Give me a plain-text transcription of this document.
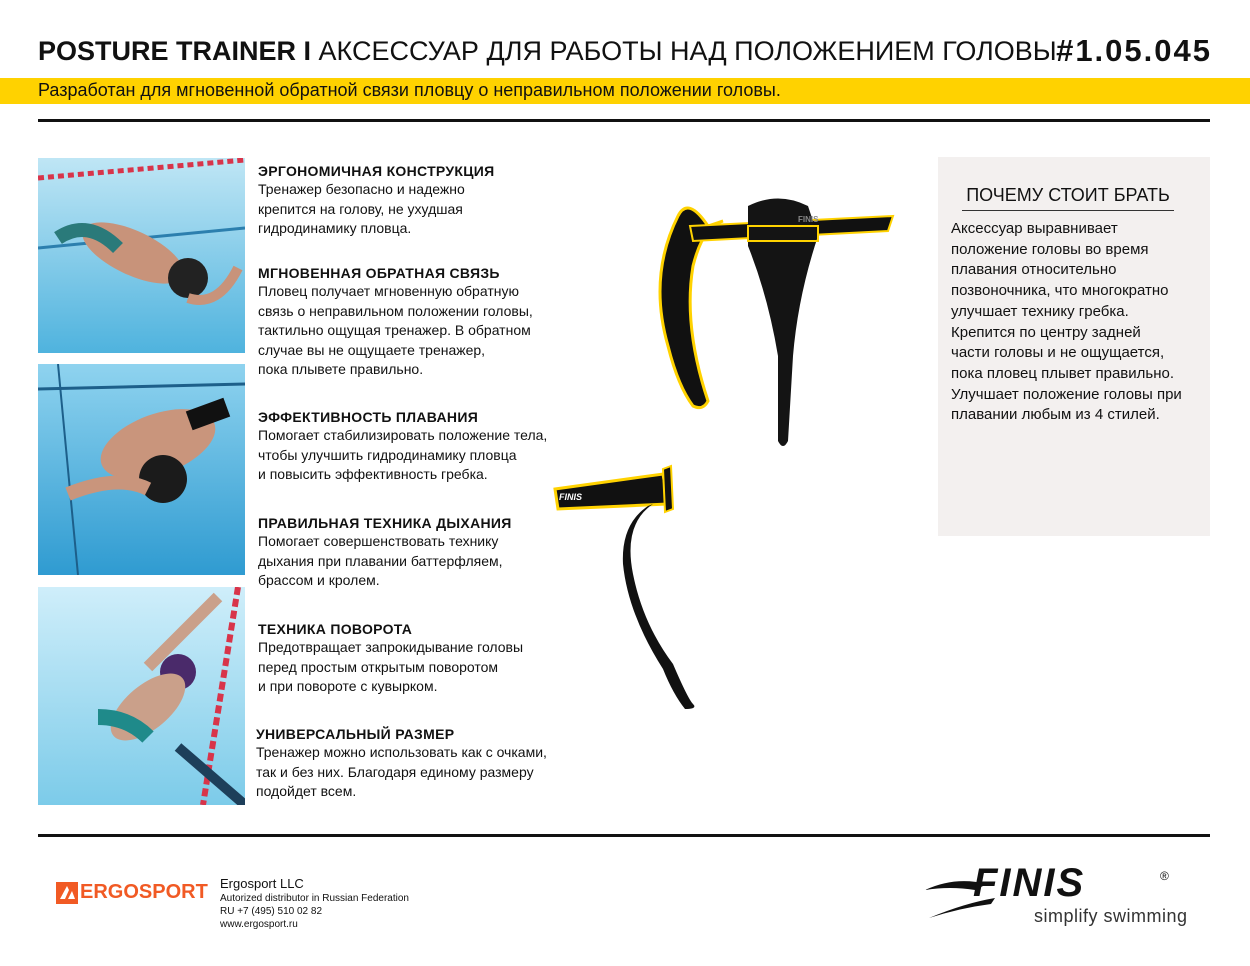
POSTURE TRAINER I АКСЕССУАР ДЛЯ РАБОТЫ НАД ПОЛОЖЕНИЕМ ГОЛОВЫ #1.05.045
Разработан для мгновенной обратной связи пловцу о неправильном положении головы.
ЭРГОНОМИЧНАЯ КОНСТРУКЦИЯ

Тренажер безопасно и надежно
крепится на голову, не ухудшая
гидродинамику пловца.

МГНОВЕННАЯ ОБРАТНАЯ СВЯЗЬ

Пловец получает мгновенную обратную
связь о неправильном положении головы,
тактильно ощущая тренажер. В обратном
случае вы не ощущаете тренажер,
пока плывете правильно.

ЭФФЕКТИВНОСТЬ ПЛАВАНИЯ

Помогает стабилизировать положение тела,
чтобы улучшить гидродинамику пловца
и повысить эффективность гребка.

ПРАВИЛЬНАЯ ТЕХНИКА ДЫХАНИЯ

Помогает совершенствовать технику
дыхания при плавании баттерфляем,
брассом и кролем.

ТЕХНИКА ПОВОРОТА

Предотвращает запрокидывание головы
перед простым открытым поворотом
и при повороте с кувырком.

УНИВЕРСАЛЬНЫЙ РАЗМЕР

Тренажер можно использовать как с очками,
так и без них. Благодаря единому размеру
подойдет всем.

FINIS
FINIS
ПОЧЕМУ СТОИТ БРАТЬ
Аксессуар выравнивает
положение головы во время
плавания относительно
позвоночника, что многократно
улучшает технику гребка.
Крепится по центру задней
части головы и не ощущается,
пока пловец плывет правильно.
Улучшает положение головы при
плавании любым из 4 стилей.
ERGOSPORT Ergosport LLC
Autorized distributor in Russian Federation
RU +7 (495) 510 02 82
www.ergosport.ru
FINIS	®
simplify swimming
